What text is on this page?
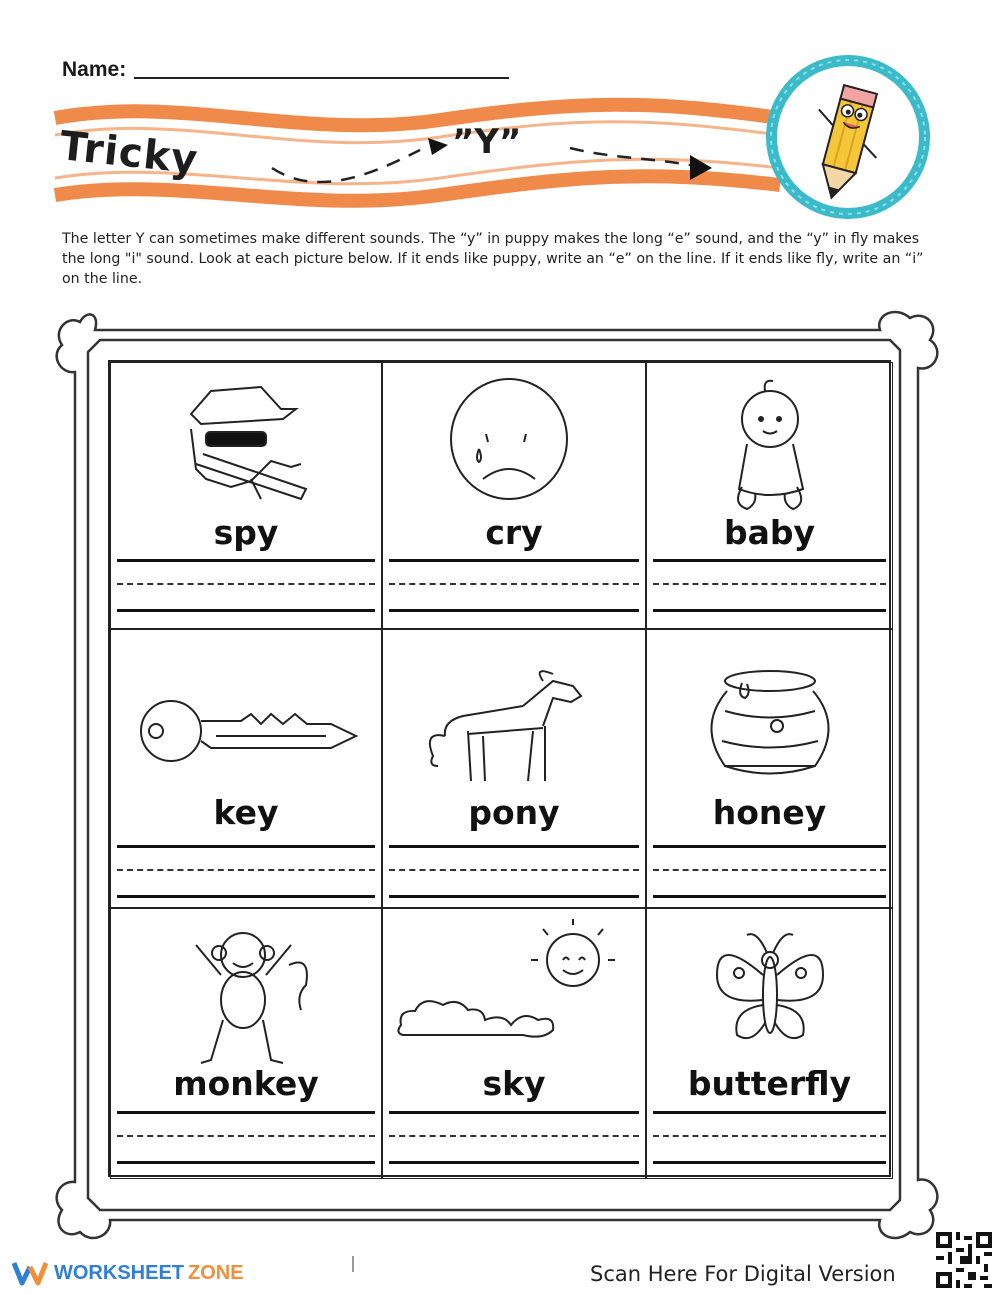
Name:
Tricky	”Y”

The letter Y can sometimes make different sounds. The “y” in puppy makes the long “e” sound, and the “y” in fly makes the long "i" sound. Look at each picture below. If it ends like puppy, write an “e” on the line. If it ends like fly, write an “i” on the line.

spy	cry	baby
key	pony	honey
monkey	sky	butterfly
WORKSHEET ZONE	Scan Here For Digital Version
